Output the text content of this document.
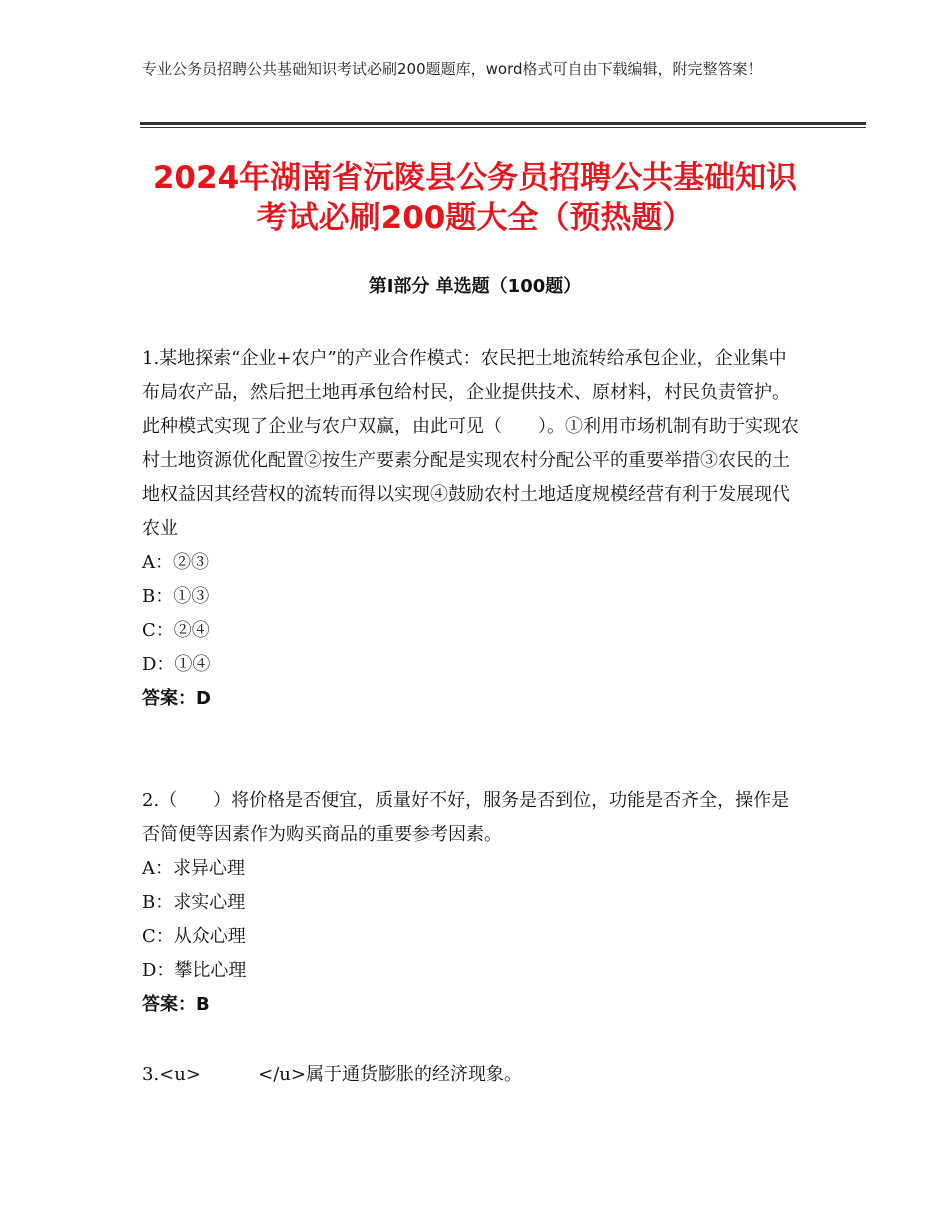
专业公务员招聘公共基础知识考试必刷200题题库，word格式可自由下载编辑，附完整答案！
2024年湖南省沅陵县公务员招聘公共基础知识考试必刷200题大全（预热题）
第Ⅰ部分 单选题（100题）

1.某地探索“企业+农户”的产业合作模式：农民把土地流转给承包企业，企业集中布局农产品，然后把土地再承包给村民，企业提供技术、原材料，村民负责管护。此种模式实现了企业与农户双赢，由此可见（　　）。①利用市场机制有助于实现农村土地资源优化配置②按生产要素分配是实现农村分配公平的重要举措③农民的土地权益因其经营权的流转而得以实现④鼓励农村土地适度规模经营有利于发展现代农业

A：②③

B：①③

C：②④

D：①④

答案：D

2.（　　）将价格是否便宜，质量好不好，服务是否到位，功能是否齐全，操作是否简便等因素作为购买商品的重要参考因素。

A：求异心理

B：求实心理

C：从众心理

D：攀比心理

答案：B

3.<u>          </u>属于通货膨胀的经济现象。
